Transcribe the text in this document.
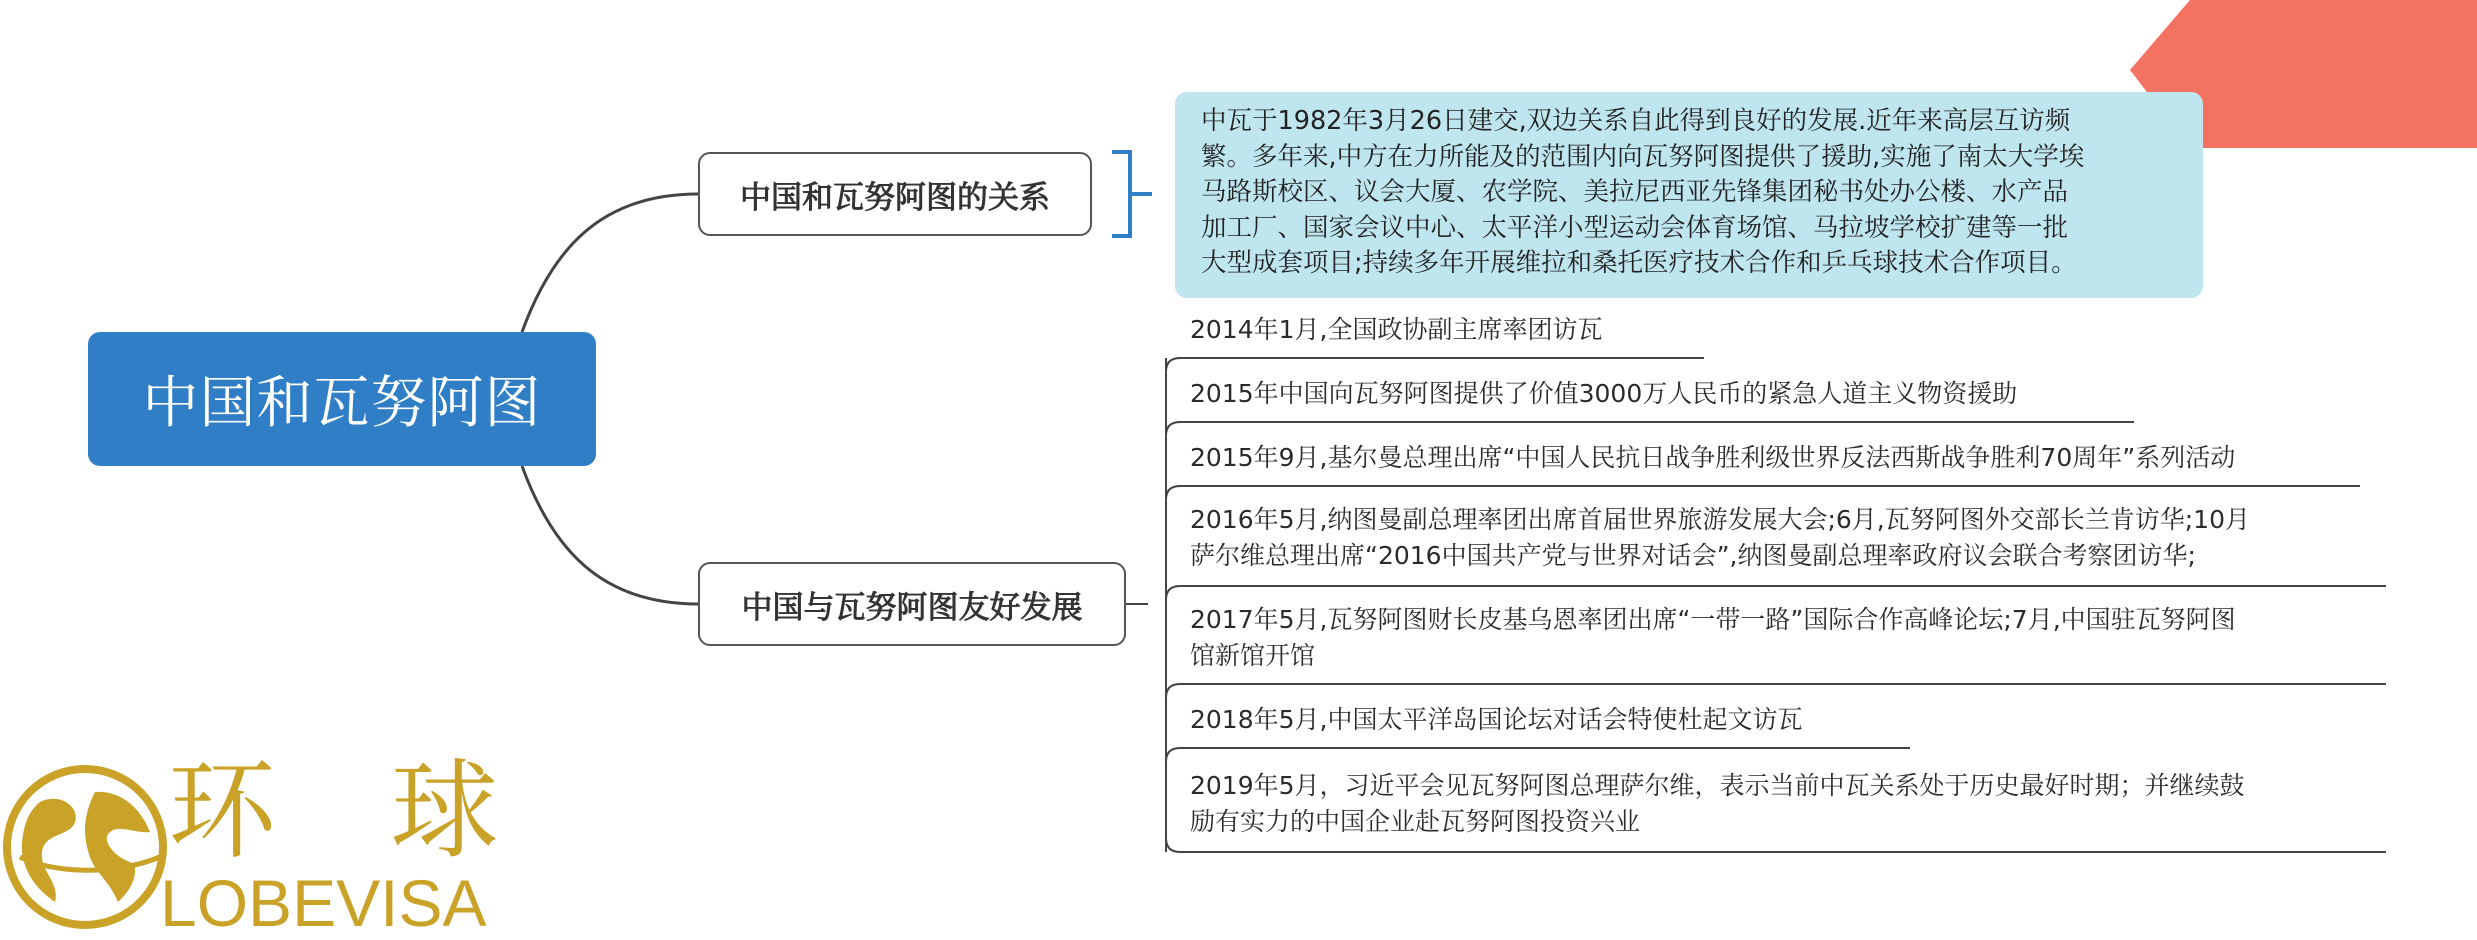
中国和瓦努阿图
中国和瓦努阿图的关系
中国与瓦努阿图友好发展
中瓦于1982年3月26日建交,双边关系自此得到良好的发展.近年来高层互访频
繁。多年来,中方在力所能及的范围内向瓦努阿图提供了援助,实施了南太大学埃
马路斯校区、议会大厦、农学院、美拉尼西亚先锋集团秘书处办公楼、水产品
加工厂、国家会议中心、太平洋小型运动会体育场馆、马拉坡学校扩建等一批
大型成套项目;持续多年开展维拉和桑托医疗技术合作和乒乓球技术合作项目。
2014年1月,全国政协副主席率团访瓦
2015年中国向瓦努阿图提供了价值3000万人民币的紧急人道主义物资援助
2015年9月,基尔曼总理出席“中国人民抗日战争胜利级世界反法西斯战争胜利70周年”系列活动
2016年5月,纳图曼副总理率团出席首届世界旅游发展大会;6月,瓦努阿图外交部长兰肯访华;10月
萨尔维总理出席“2016中国共产党与世界对话会”,纳图曼副总理率政府议会联合考察团访华;
2017年5月,瓦努阿图财长皮基乌恩率团出席“一带一路”国际合作高峰论坛;7月,中国驻瓦努阿图
馆新馆开馆
2018年5月,中国太平洋岛国论坛对话会特使杜起文访瓦
2019年5月，习近平会见瓦努阿图总理萨尔维，表示当前中瓦关系处于历史最好时期；并继续鼓
励有实力的中国企业赴瓦努阿图投资兴业
环 球
LOBEVISA
